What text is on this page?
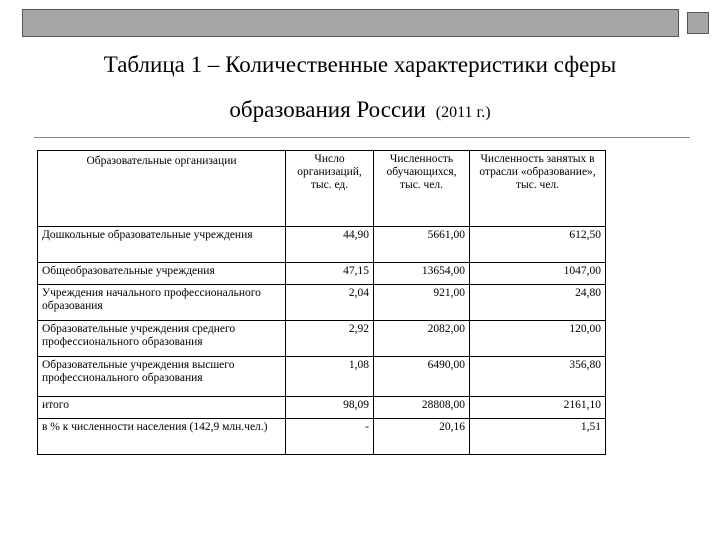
Таблица 1 – Количественные характеристики сферы
образования России (2011 г.)
Образовательные организации	Число организаций, тыс. ед.	Численность обучающихся, тыс. чел.	Численность занятых в отрасли «образование», тыс. чел.
Дошкольные образовательные учреждения	44,90	5661,00	612,50
Общеобразовательные учреждения	47,15	13654,00	1047,00
Учреждения начального профессионального образования	2,04	921,00	24,80
Образовательные учреждения среднего профессионального образования	2,92	2082,00	120,00
Образовательные учреждения высшего профессионального образования	1,08	6490,00	356,80
итого	98,09	28808,00	2161,10
в % к численности населения (142,9 млн.чел.)	-	20,16	1,51
